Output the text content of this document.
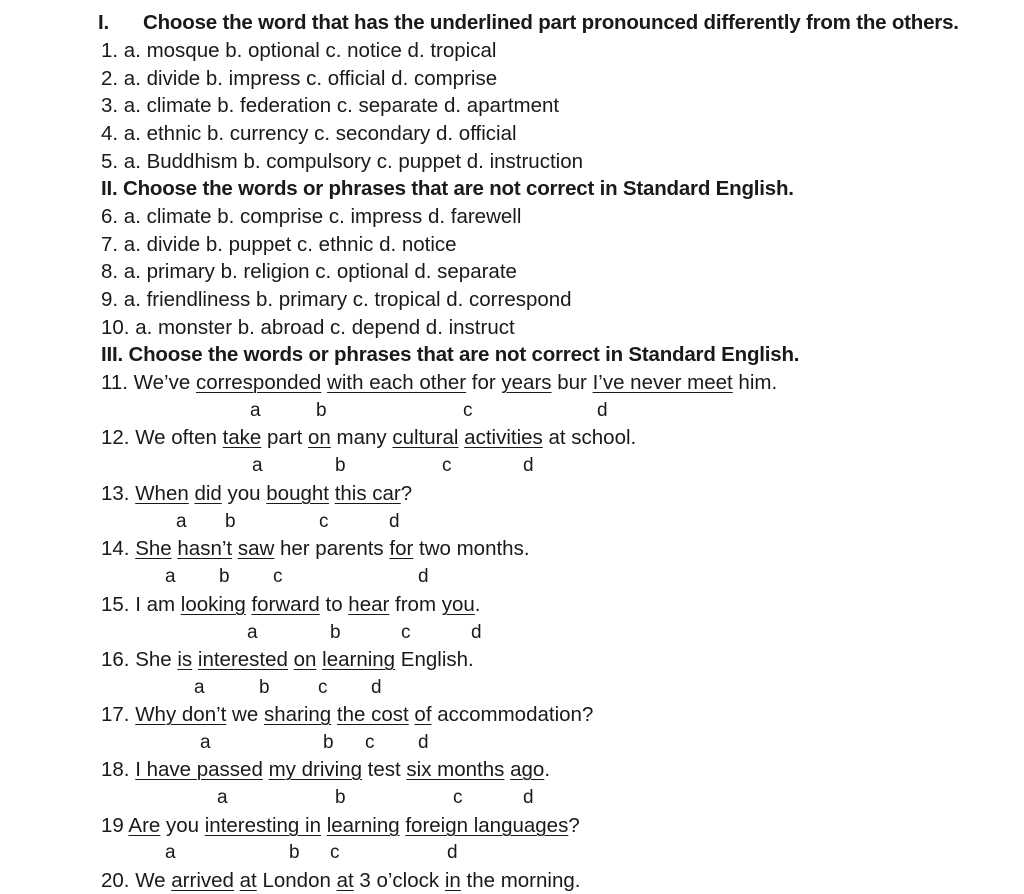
I. Choose the word that has the underlined part pronounced differently from the others.
1. a. mosque b. optional c. notice d. tropical
2. a. divide b. impress c. official d. comprise
3. a. climate b. federation c. separate d. apartment
4. a. ethnic b. currency c. secondary d. official
5. a. Buddhism b. compulsory c. puppet d. instruction
II. Choose the words or phrases that are not correct in Standard English.
6. a. climate b. comprise c. impress d. farewell
7. a. divide b. puppet c. ethnic d. notice
8. a. primary b. religion c. optional d. separate
9. a. friendliness b. primary c. tropical d. correspond
10. a. monster b. abroad c. depend d. instruct
III. Choose the words or phrases that are not correct in Standard English.
11. We’ve corresponded with each other for years bur I’ve never meet him.
a	b	c	d
12. We often take part on many cultural activities at school.
a	b	c	d
13. When did you bought this car?
a b	c	d
14. She hasn’t saw her parents for two months.
a b c	d
15. I am looking forward to hear from you.
a	b	c	d
16. She is interested on learning English.
a	b	c d
17. Why don’t we sharing the cost of accommodation?
a	b c d
18. I have passed my driving test six months ago.
a	b	c	d
19 Are you interesting in learning foreign languages?
a	b c	d
20. We arrived at London at 3 o’clock in the morning.
